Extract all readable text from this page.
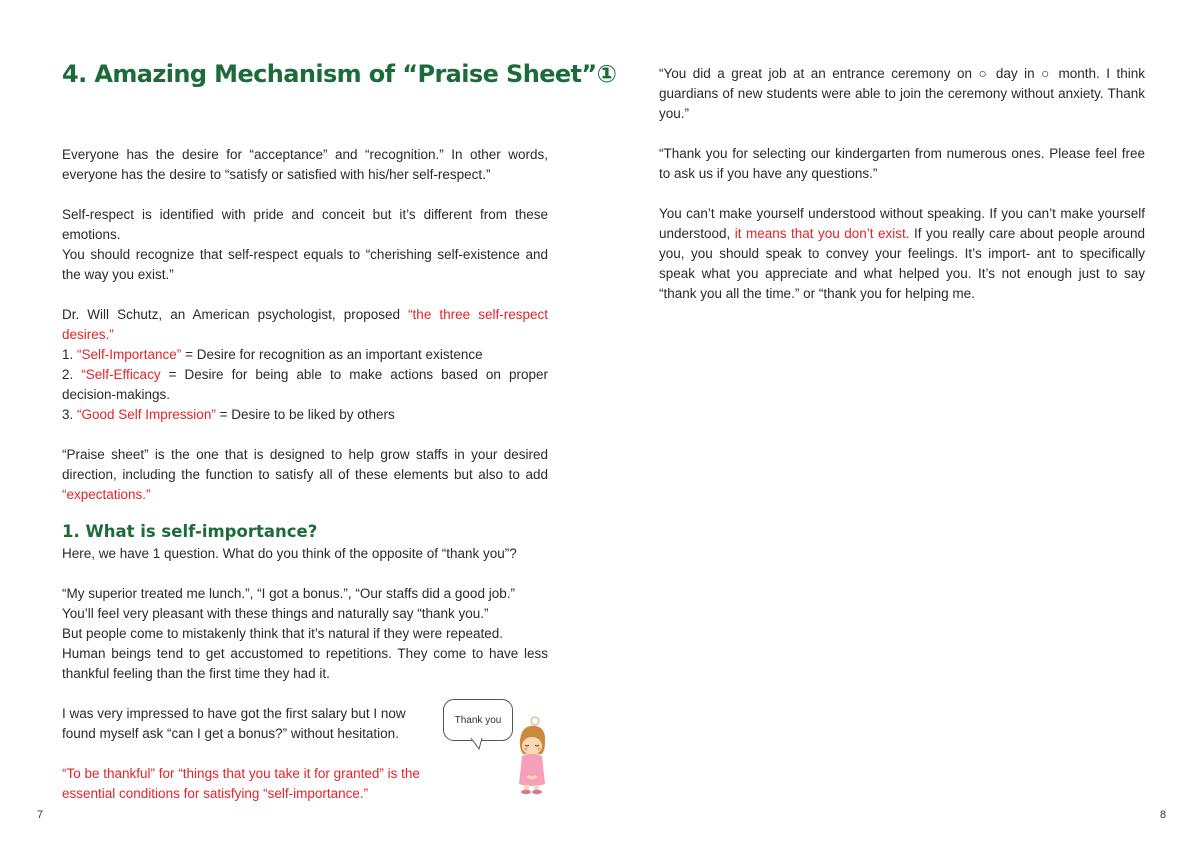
4. Amazing Mechanism of “Praise Sheet”①

Everyone has the desire for “acceptance” and “recognition.” In other words, everyone has the desire to “satisfy or satisfied with his/her self-respect.”

Self-respect is identified with pride and conceit but it’s different from these emotions.

You should recognize that self-respect equals to “cherishing self-existence and the way you exist.”

Dr. Will Schutz, an American psychologist, proposed “the three self-respect desires.”

1. “Self-Importance” = Desire for recognition as an important existence

2. “Self-Efficacy = Desire for being able to make actions based on proper decision-makings.

3. “Good Self Impression” = Desire to be liked by others

“Praise sheet” is the one that is designed to help grow staffs in your desired direction, including the function to satisfy all of these elements but also to add “expectations.”

1. What is self-importance?

Here, we have 1 question. What do you think of the opposite of “thank you”?

“My superior treated me lunch.”, “I got a bonus.”, “Our staffs did a good job.”

You’ll feel very pleasant with these things and naturally say “thank you.”

But people come to mistakenly think that it’s natural if they were repeated.

Human beings tend to get accustomed to repetitions. They come to have less thankful feeling than the first time they had it.

I was very impressed to have got the first salary but I now found myself ask “can I get a bonus?” without hesitation.

“To be thankful” for “things that you take it for granted” is the essential conditions for satisfying “self-importance.”

Thank you
7

“You did a great job at an entrance ceremony on ○ day in ○ month. I think guardians of new students were able to join the ceremony without anxiety. Thank you.”

“Thank you for selecting our kindergarten from numerous ones. Please feel free to ask us if you have any questions.”

You can’t make yourself understood without speaking. If you can’t make yourself understood, it means that you don’t exist. If you really care about people around you, you should speak to convey your feelings. It’s import- ant to specifically speak what you appreciate and what helped you. It’s not enough just to say “thank you all the time.” or “thank you for helping me.

8
